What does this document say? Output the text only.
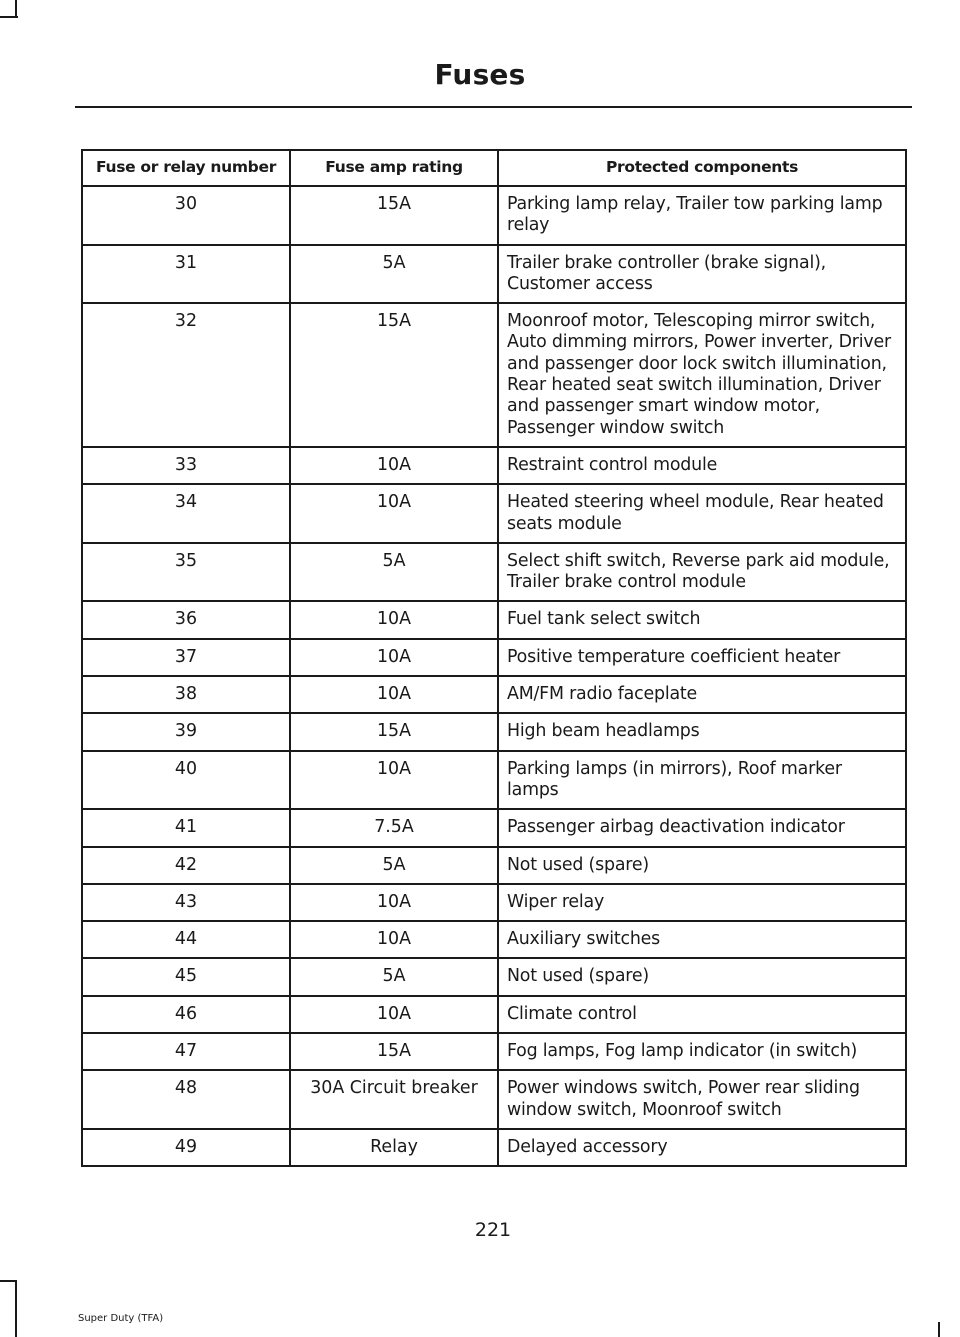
Fuses
Fuse or relay number	Fuse amp rating	Protected components
30	15A	Parking lamp relay, Trailer tow parking lamp relay
31	5A	Trailer brake controller (brake signal), Customer access
32	15A	Moonroof motor, Telescoping mirror switch, Auto dimming mirrors, Power inverter, Driver and passenger door lock switch illumination, Rear heated seat switch illumination, Driver and passenger smart window motor, Passenger window switch
33	10A	Restraint control module
34	10A	Heated steering wheel module, Rear heated seats module
35	5A	Select shift switch, Reverse park aid module, Trailer brake control module
36	10A	Fuel tank select switch
37	10A	Positive temperature coefficient heater
38	10A	AM/FM radio faceplate
39	15A	High beam headlamps
40	10A	Parking lamps (in mirrors), Roof marker lamps
41	7.5A	Passenger airbag deactivation indicator
42	5A	Not used (spare)
43	10A	Wiper relay
44	10A	Auxiliary switches
45	5A	Not used (spare)
46	10A	Climate control
47	15A	Fog lamps, Fog lamp indicator (in switch)
48	30A Circuit breaker	Power windows switch, Power rear sliding window switch, Moonroof switch
49	Relay	Delayed accessory
221
Super Duty (TFA)
